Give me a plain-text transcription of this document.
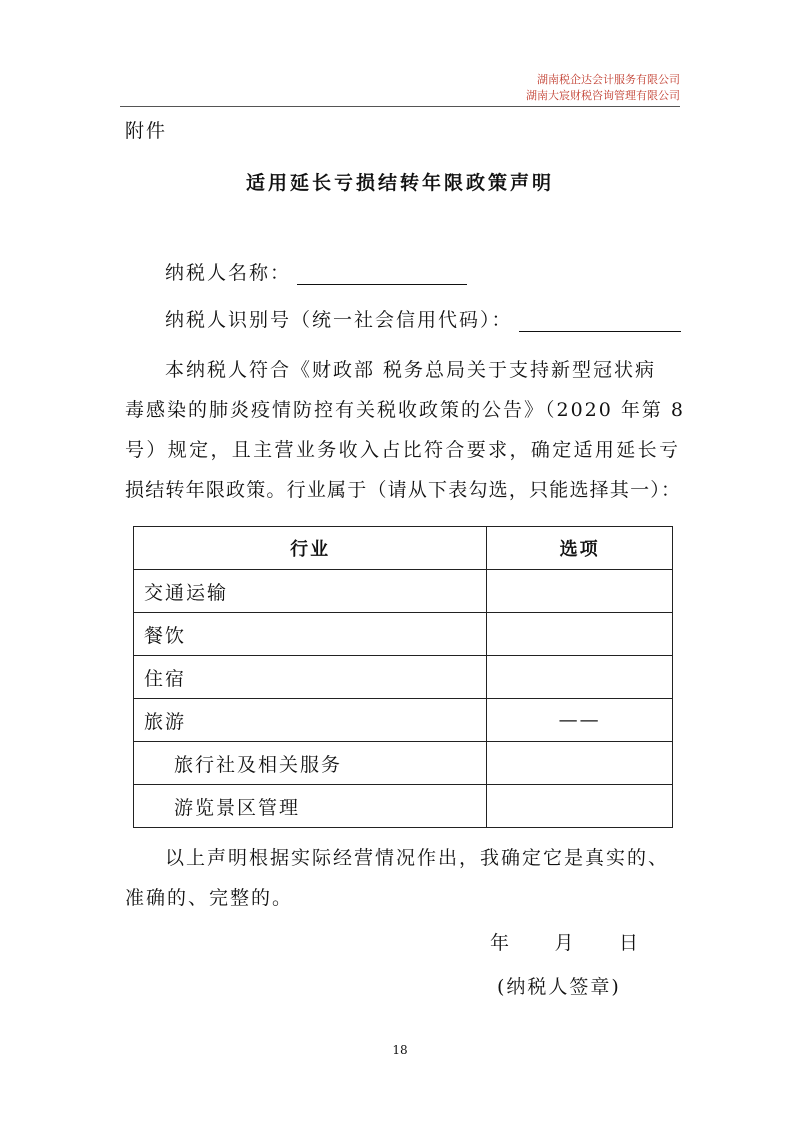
湖南税企达会计服务有限公司
湖南大宸财税咨询管理有限公司
附件
适用延长亏损结转年限政策声明
纳税人名称：
纳税人识别号（统一社会信用代码）：
本纳税人符合《财政部 税务总局关于支持新型冠状病
毒感染的肺炎疫情防控有关税收政策的公告》（2020 年第 8
号）规定，且主营业务收入占比符合要求，确定适用延长亏
损结转年限政策。行业属于（请从下表勾选，只能选择其一）：
行业	选项
交通运输	
餐饮	
住宿	
旅游	——
旅行社及相关服务	
游览景区管理	
以上声明根据实际经营情况作出，我确定它是真实的、
准确的、完整的。
年 月 日
(纳税人签章)
18
